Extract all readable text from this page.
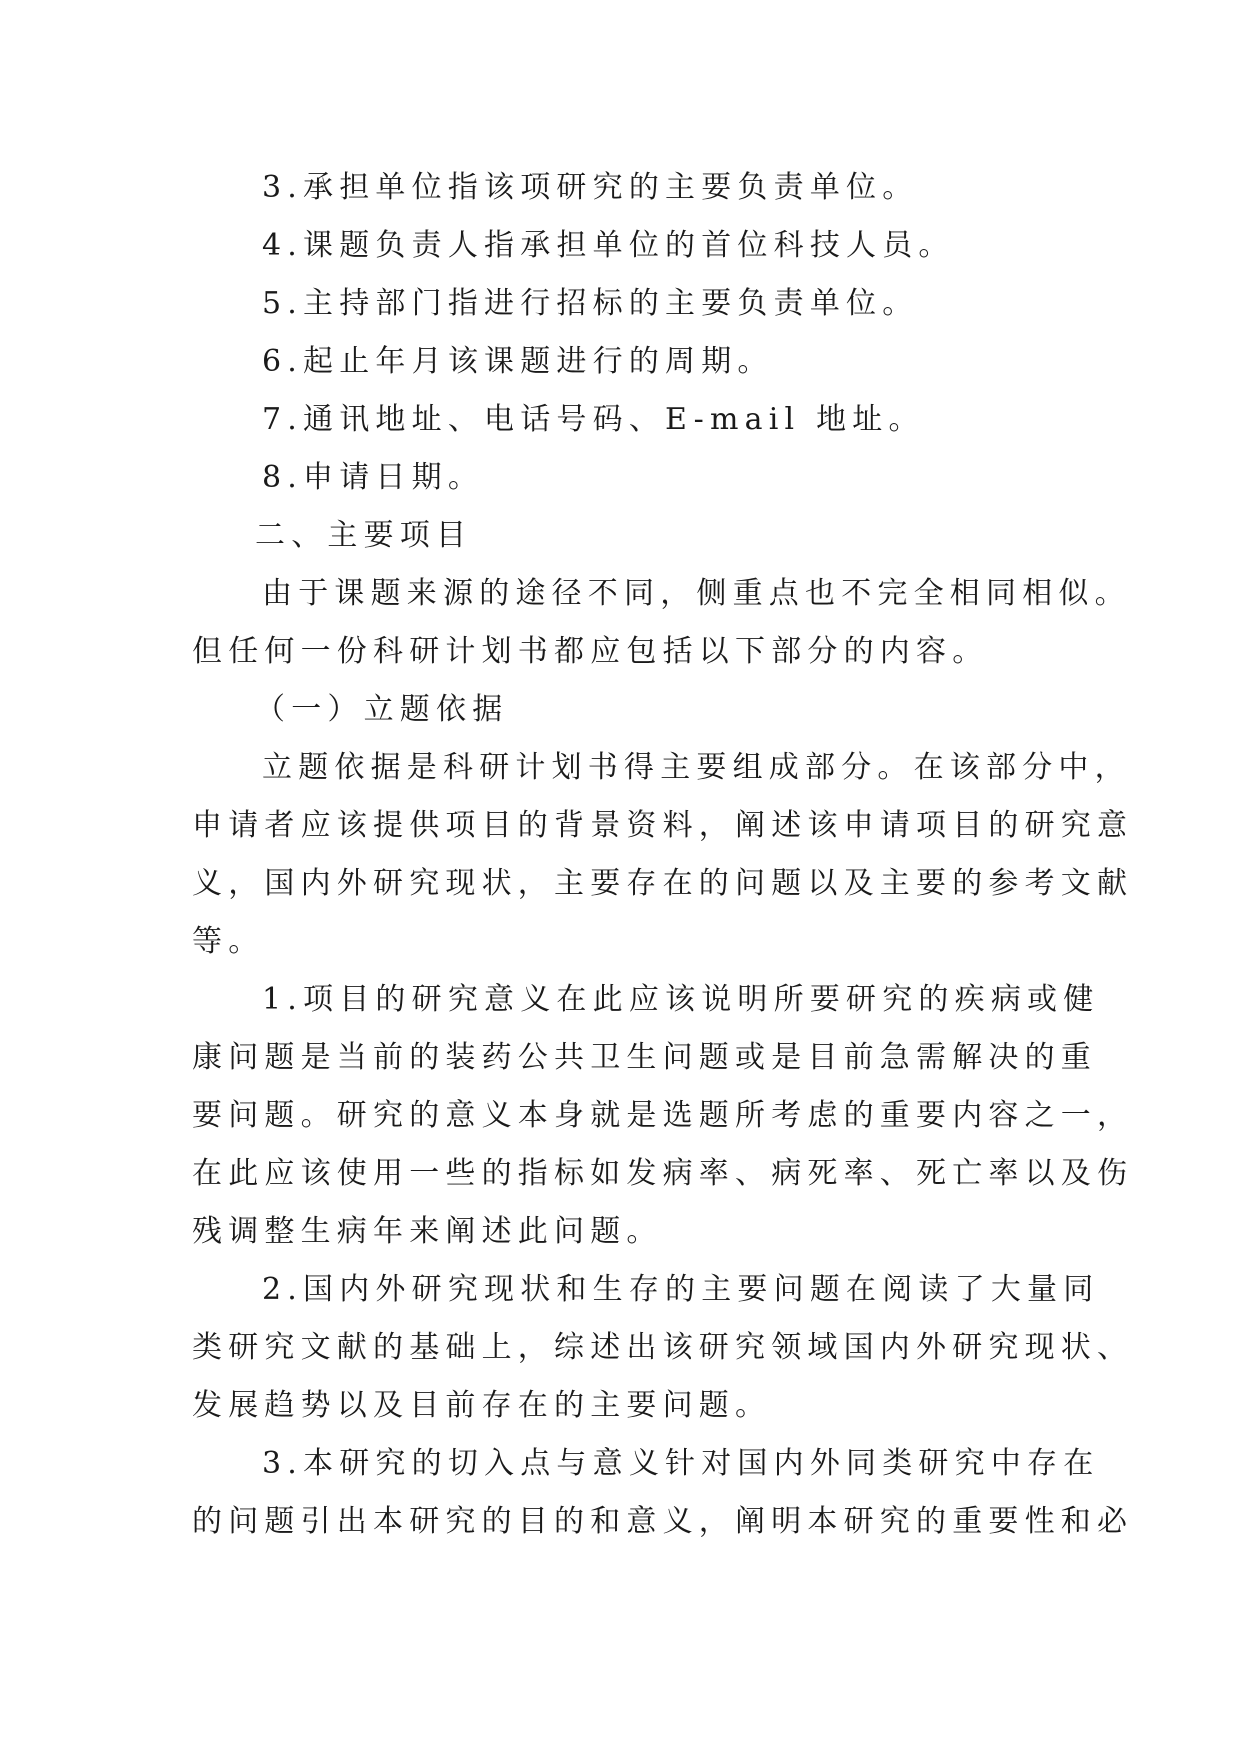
3.承担单位指该项研究的主要负责单位。

4.课题负责人指承担单位的首位科技人员。

5.主持部门指进行招标的主要负责单位。

6.起止年月该课题进行的周期。

7.通讯地址、电话号码、E-mail 地址。

8.申请日期。

二、主要项目

由于课题来源的途径不同，侧重点也不完全相同相似。

但任何一份科研计划书都应包括以下部分的内容。

（一）立题依据

立题依据是科研计划书得主要组成部分。在该部分中，

申请者应该提供项目的背景资料，阐述该申请项目的研究意

义，国内外研究现状，主要存在的问题以及主要的参考文献

等。

1.项目的研究意义在此应该说明所要研究的疾病或健

康问题是当前的装药公共卫生问题或是目前急需解决的重

要问题。研究的意义本身就是选题所考虑的重要内容之一，

在此应该使用一些的指标如发病率、病死率、死亡率以及伤

残调整生病年来阐述此问题。

2.国内外研究现状和生存的主要问题在阅读了大量同

类研究文献的基础上，综述出该研究领域国内外研究现状、

发展趋势以及目前存在的主要问题。

3.本研究的切入点与意义针对国内外同类研究中存在

的问题引出本研究的目的和意义，阐明本研究的重要性和必
